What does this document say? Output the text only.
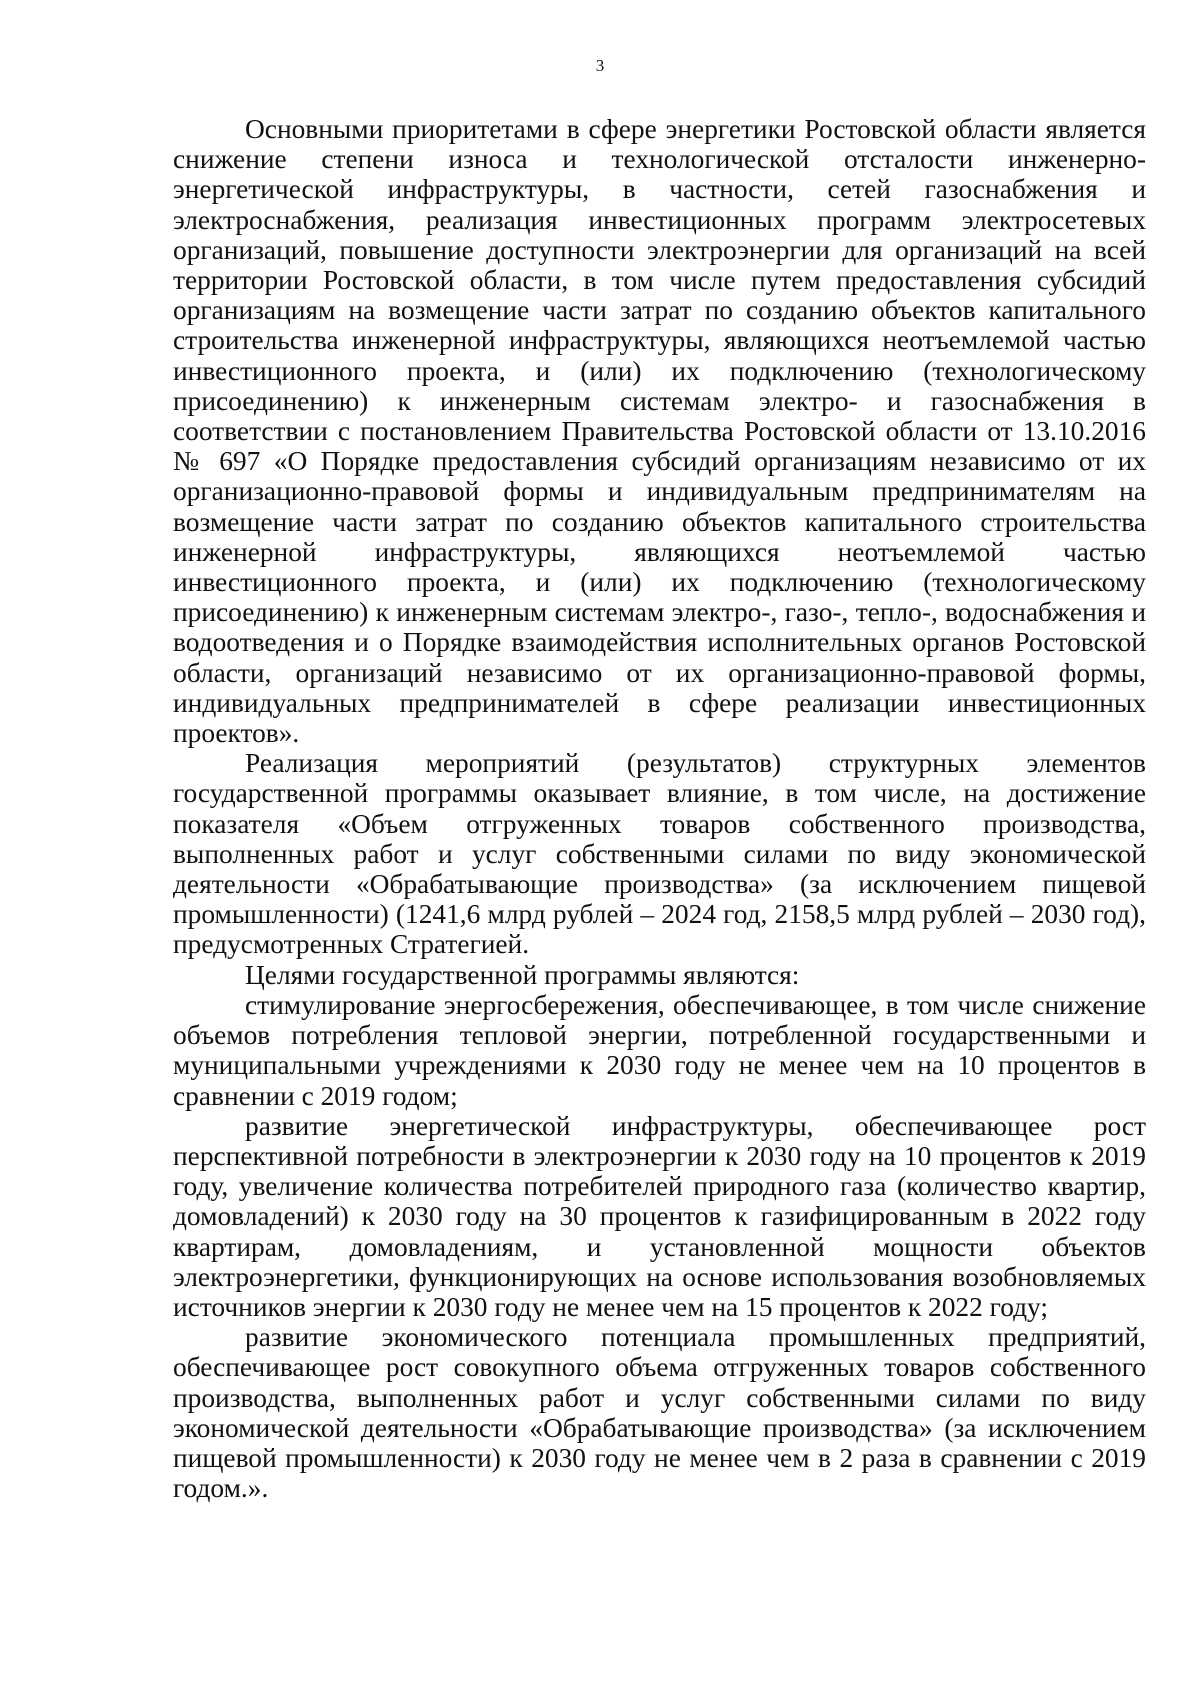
3

Основными приоритетами в сфере энергетики Ростовской области является снижение степени износа и технологической отсталости инженерно-энергетической инфраструктуры, в частности, сетей газоснабжения и электроснабжения, реализация инвестиционных программ электросетевых организаций, повышение доступности электроэнергии для организаций на всей территории Ростовской области, в том числе путем предоставления субсидий организациям на возмещение части затрат по созданию объектов капитального строительства инженерной инфраструктуры, являющихся неотъемлемой частью инвестиционного проекта, и (или) их подключению (технологическому присоединению) к инженерным системам электро- и газоснабжения в соответствии с постановлением Правительства Ростовской области от 13.10.2016 № 697 «О Порядке предоставления субсидий организациям независимо от их организационно-правовой формы и индивидуальным предпринимателям на возмещение части затрат по созданию объектов капитального строительства инженерной инфраструктуры, являющихся неотъемлемой частью инвестиционного проекта, и (или) их подключению (технологическому присоединению) к инженерным системам электро-, газо-, тепло-, водоснабжения и водоотведения и о Порядке взаимодействия исполнительных органов Ростовской области, организаций независимо от их организационно-правовой формы, индивидуальных предпринимателей в сфере реализации инвестиционных проектов».

Реализация мероприятий (результатов) структурных элементов государственной программы оказывает влияние, в том числе, на достижение показателя «Объем отгруженных товаров собственного производства, выполненных работ и услуг собственными силами по виду экономической деятельности «Обрабатывающие производства» (за исключением пищевой промышленности) (1241,6 млрд рублей – 2024 год, 2158,5 млрд рублей – 2030 год), предусмотренных Стратегией.

Целями государственной программы являются:

стимулирование энергосбережения, обеспечивающее, в том числе снижение объемов потребления тепловой энергии, потребленной государственными и муниципальными учреждениями к 2030 году не менее чем на 10 процентов в сравнении с 2019 годом;

развитие энергетической инфраструктуры, обеспечивающее рост перспективной потребности в электроэнергии к 2030 году на 10 процентов к 2019 году, увеличение количества потребителей природного газа (количество квартир, домовладений) к 2030 году на 30 процентов к газифицированным в 2022 году квартирам, домовладениям, и установленной мощности объектов электроэнергетики, функционирующих на основе использования возобновляемых источников энергии к 2030 году не менее чем на 15 процентов к 2022 году;

развитие экономического потенциала промышленных предприятий, обеспечивающее рост совокупного объема отгруженных товаров собственного производства, выполненных работ и услуг собственными силами по виду экономической деятельности «Обрабатывающие производства» (за исключением пищевой промышленности) к 2030 году не менее чем в 2 раза в сравнении с 2019 годом.».
